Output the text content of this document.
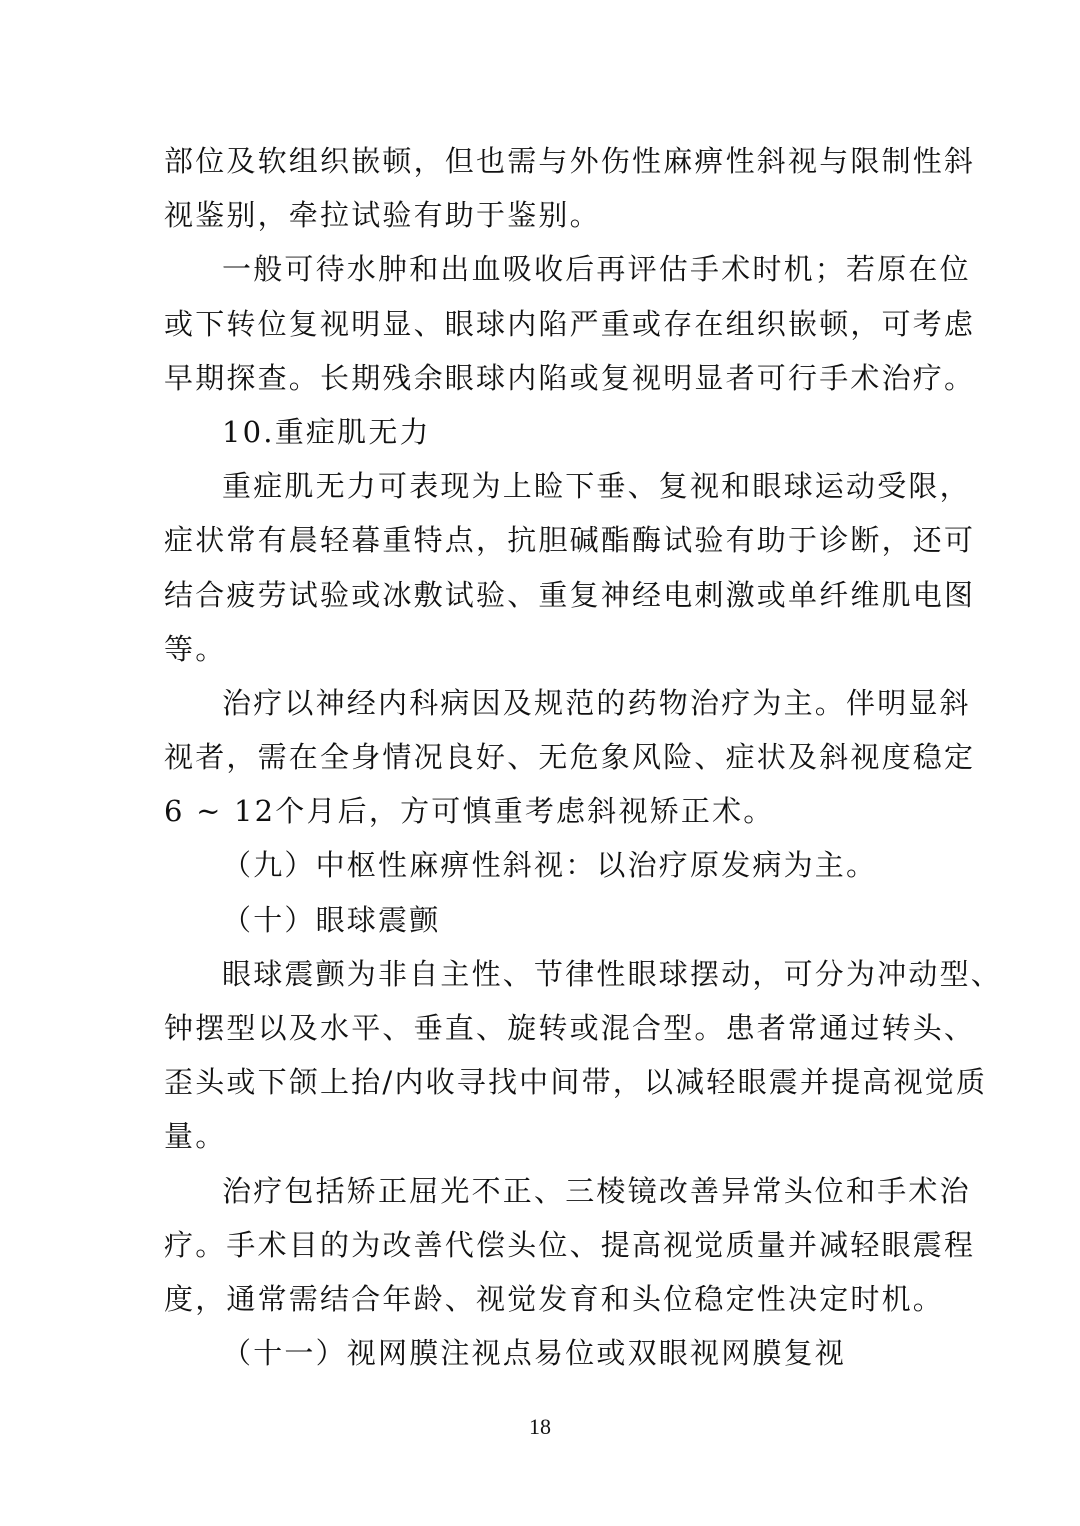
部位及软组织嵌顿，但也需与外伤性麻痹性斜视与限制性斜
视鉴别，牵拉试验有助于鉴别。
一般可待水肿和出血吸收后再评估手术时机；若原在位
或下转位复视明显、眼球内陷严重或存在组织嵌顿，可考虑
早期探查。长期残余眼球内陷或复视明显者可行手术治疗。
10.重症肌无力
重症肌无力可表现为上睑下垂、复视和眼球运动受限，
症状常有晨轻暮重特点，抗胆碱酯酶试验有助于诊断，还可
结合疲劳试验或冰敷试验、重复神经电刺激或单纤维肌电图
等。
治疗以神经内科病因及规范的药物治疗为主。伴明显斜
视者，需在全身情况良好、无危象风险、症状及斜视度稳定
6 ~ 12个月后，方可慎重考虑斜视矫正术。
（九）中枢性麻痹性斜视：以治疗原发病为主。
（十）眼球震颤
眼球震颤为非自主性、节律性眼球摆动，可分为冲动型、
钟摆型以及水平、垂直、旋转或混合型。患者常通过转头、
歪头或下颌上抬/内收寻找中间带，以减轻眼震并提高视觉质
量。
治疗包括矫正屈光不正、三棱镜改善异常头位和手术治
疗。手术目的为改善代偿头位、提高视觉质量并减轻眼震程
度，通常需结合年龄、视觉发育和头位稳定性决定时机。
（十一）视网膜注视点易位或双眼视网膜复视
18
